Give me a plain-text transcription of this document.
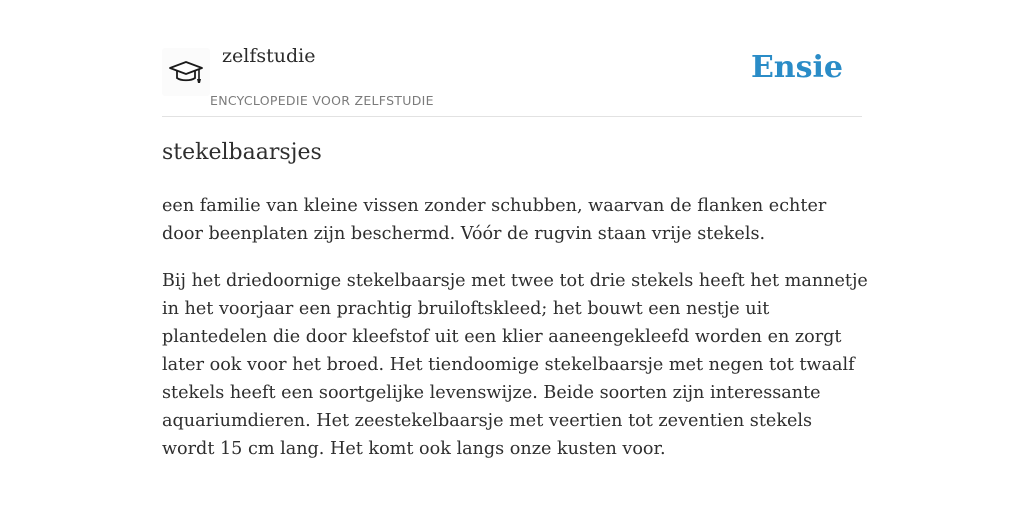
zelfstudie
ENCYCLOPEDIE VOOR ZELFSTUDIE
Ensie
stekelbaarsjes

een familie van kleine vissen zonder schubben, waarvan de flanken echter door beenplaten zijn beschermd. Vóór de rugvin staan vrije stekels.

Bij het driedoornige stekelbaarsje met twee tot drie stekels heeft het mannetje in het voorjaar een prachtig bruiloftskleed; het bouwt een nestje uit plantedelen die door kleefstof uit een klier aaneengekleefd worden en zorgt later ook voor het broed. Het tiendoomige stekelbaarsje met negen tot twaalf stekels heeft een soortgelijke levenswijze. Beide soorten zijn interessante aquariumdieren. Het zeestekelbaarsje met veertien tot zeventien stekels wordt 15 cm lang. Het komt ook langs onze kusten voor.
